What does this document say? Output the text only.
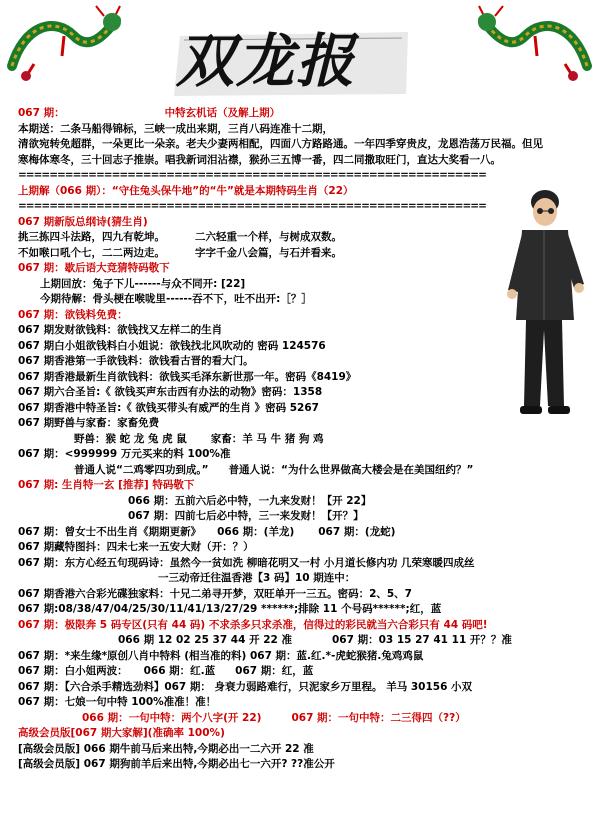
双龙报
067 期：	中特玄机话（及解上期）
本期送：二条马船得锦标，三峡一成出来期，三肖八码连准十二期，
清欲宛转免超群，一朵更比一朵亲。老夫少妻两相配，四面八方路路通。一年四季穿贵皮，龙恩浩荡万民福。但见寒梅体寒冬，三十回志子推崇。唱我新词泪沾襟，猴孙三五博一番，四二同撒取旺门，直达大奖看一八。
============================================================
上期解（066 期）：“守住兔头保牛地”的“牛”就是本期特码生肖（22）
============================================================
067 期新版总纲诗(猜生肖)
挑三拣四斗法路，四九有乾坤。	二六轻重一个样，与树成双数。
不如喉口吼个七，二二两边走。	字字千金八会篇，与石并看来。
067 期：歇后语大竞猜特码敬下
上期回放：兔子下儿------与众不同开: [22]
今期待解：骨头梗在喉咙里------吞不下，吐不出开:［？］
067 期：欲钱料免费：
067 期发财欲钱料：欲钱找又左样二的生肖
067 期白小姐欲钱料白小姐说：欲钱找北风吹动的 密码 124576
067 期香港第一手欲钱料：欲钱看古晋的看大门。
067 期香港最新生肖欲钱料：欲钱买毛泽东新世那一年。密码《8419》
067 期六合圣旨:《 欲钱买声东击西有办法的动物》密码：1358
067 期香港中特圣旨:《 欲钱买带头有威严的生肖 》密码 5267
067 期野兽与家畜：家畜免费
野兽：猴 蛇 龙 兔 虎 鼠 家畜：羊 马 牛 猪 狗 鸡
067 期：<999999 万元买来的料 100%准
普通人说“二鸡零四功到成。” 普通人说：“为什么世界做高大楼会是在美国纽约？”
067 期: 生肖特一玄 [推荐] 特码敬下
066 期：五前六后必中特，一九来发财！【开 22】
067 期：四前七后必中特，三一来发财！【开？】
067 期：曾女士不出生肖《期期更新》 066 期：(羊龙) 067 期：(龙蛇)
067 期藏特图抖：四未七来一五安大财（开：？）
067 期：东方心经五句现码诗：虽然今一贫如洗 柳暗花明又一村 小月道长修内功 几荣寒暖四成丝
一三动帝迁往温香港【3 码】10 期连中：
067 期香港六合彩光碟独家料：十兄二弟寻开梦，双旺单开一三五。密码：2、5、7
067 期:08/38/47/04/25/30/11/41/13/27/29 ******;排除 11 个号码******;红，蓝
067 期：极限奔 5 码专区(只有 44 码) 不求杀多只求杀准，信得过的彩民就当六合彩只有 44 码吧!
066 期 12 02 25 37 44 开 22 准	067 期：03 15 27 41 11 开？？准
067 期：*来生缘*原创八肖中特料 (相当准的料) 067 期：蓝.红.*-虎蛇猴猪.兔鸡鸡鼠
067 期：白小姐两波： 066 期：红.蓝 067 期：红，蓝
067 期：【六合杀手精选劲料】067 期： 身衰力弱路难行，只泥家乡万里程。 羊马 30156 小双
067 期：七娘一句中特 100%准准！准！
066 期：一句中特：两个八字(开 22)	067 期：一句中特：二三得四（??）
高级会员版[067 期大家解](准确率 100%)
[高级会员版] 066 期牛前马后来出特,今期必出一二六开 22 准
[高级会员版] 067 期狗前羊后来出特,今期必出七一六开? ??准公开
